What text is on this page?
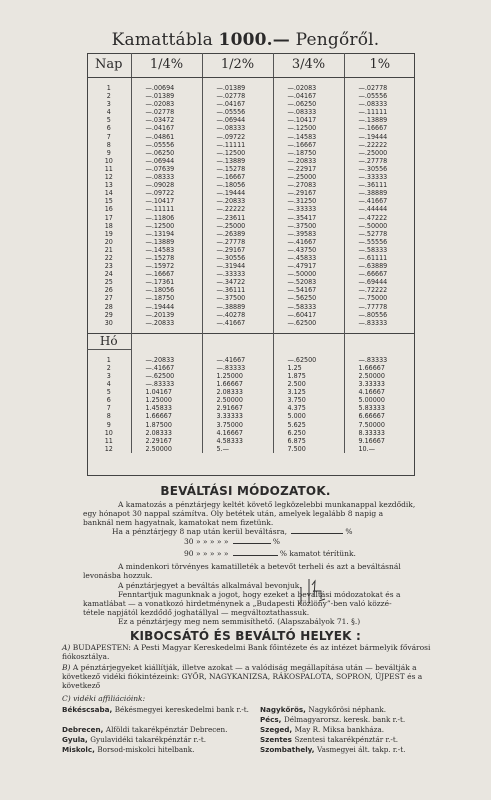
Kamattábla 1000.— Pengőről.
Nap	1/4%	1/2%	3/4%	1%

1	—.00694	—.01389	—.02083	—.02778
2	—.01389	—.02778	—.04167	—.05556
3	—.02083	—.04167	—.06250	—.08333
4	—.02778	—.05556	—.08333	—.11111
5	—.03472	—.06944	—.10417	—.13889
6	—.04167	—.08333	—.12500	—.16667
7	—.04861	—.09722	—.14583	—.19444
8	—.05556	—.11111	—.16667	—.22222
9	—.06250	—.12500	—.18750	—.25000
10	—.06944	—.13889	—.20833	—.27778
11	—.07639	—.15278	—.22917	—.30556
12	—.08333	—.16667	—.25000	—.33333
13	—.09028	—.18056	—.27083	—.36111
14	—.09722	—.19444	—.29167	—.38889
15	—.10417	—.20833	—.31250	—.41667
16	—.11111	—.22222	—.33333	—.44444
17	—.11806	—.23611	—.35417	—.47222
18	—.12500	—.25000	—.37500	—.50000
19	—.13194	—.26389	—.39583	—.52778
20	—.13889	—.27778	—.41667	—.55556
21	—.14583	—.29167	—.43750	—.58333
22	—.15278	—.30556	—.45833	—.61111
23	—.15972	—.31944	—.47917	—.63889
24	—.16667	—.33333	—.50000	—.66667
25	—.17361	—.34722	—.52083	—.69444
26	—.18056	—.36111	—.54167	—.72222
27	—.18750	—.37500	—.56250	—.75000
28	—.19444	—.38889	—.58333	—.77778
29	—.20139	—.40278	—.60417	—.80556
30	—.20833	—.41667	—.62500	—.83333

Hó				

1	—.20833	—.41667	—.62500	—.83333
2	—.41667	—.83333	1.25	1.66667
3	—.62500	1.25000	1.875	2.50000
4	—.83333	1.66667	2.500	3.33333
5	1.04167	2.08333	3.125	4.16667
6	1.25000	2.50000	3.750	5.00000
7	1.45833	2.91667	4.375	5.83333
8	1.66667	3.33333	5.000	6.66667
9	1.87500	3.75000	5.625	7.50000
10	2.08333	4.16667	6.250	8.33333
11	2.29167	4.58333	6.875	9.16667
12	2.50000	5.—	7.500	10.—
BEVÁLTÁSI MÓDOZATOK.
A kamatozás a pénztárjegy keltét követő legközelebbi munkanappal kezdődik,
egy hónapot 30 nappal számítva. Oly betétek után, amelyek legalább 8 napig a
banknál nem hagyatnak, kamatokat nem fizetünk.
Ha a pénztárjegy 8 nap után kerül beváltásra,	%
30 » » » » »	%
90 » » » » »	% kamatot térítünk.
A mindenkori törvényes kamatilleték a betevőt terheli és azt a beváltásnál
levonásba hozzuk.
A pénztárjegyet a beváltás alkalmával bevonjuk.
Fenntartjuk magunknak a jogot, hogy ezeket a beváltási módozatokat és a
kamatlábat — a vonatkozó hirdetménynek a „Budapesti Közlöny”-ben való közzé-
tétele napjától kezdődő joghatállyal — megváltoztathassuk.
Ez a pénztárjegy meg nem semmisíthető. (Alapszabályok 71. §.)
KIBOCSÁTÓ ÉS BEVÁLTÓ HELYEK :
A) BUDAPESTEN: A Pesti Magyar Kereskedelmi Bank főintézete és az intézet bármelyik fővárosi fiókosztálya.
B) A pénztárjegyeket kiállítják, illetve azokat — a valódiság megállapítása után — beváltják a következő vidéki fiókintézeink: GYŐR, NAGYKANIZSA, RÁKOSPALOTA, SOPRON, ÚJPEST és a következő
C) vidéki affiliációink:
Békéscsaba, Békésmegyei kereskedelmi bank r.-t.
Debrecen, Alföldi takarékpénztár Debrecen.
Gyula, Gyulavidéki takarékpénztár r.-t.
Miskolc, Borsod-miskolci hitelbank.
Nagykőrös, Nagykőrösi néphank.
Pécs, Délmagyarorsz. keresk. bank r.-t.
Szeged, May R. Miksa bankháza.
Szentes Szentesi takarékpénztár r.-t.
Szombathely, Vasmegyei ált. takp. r.-t.
